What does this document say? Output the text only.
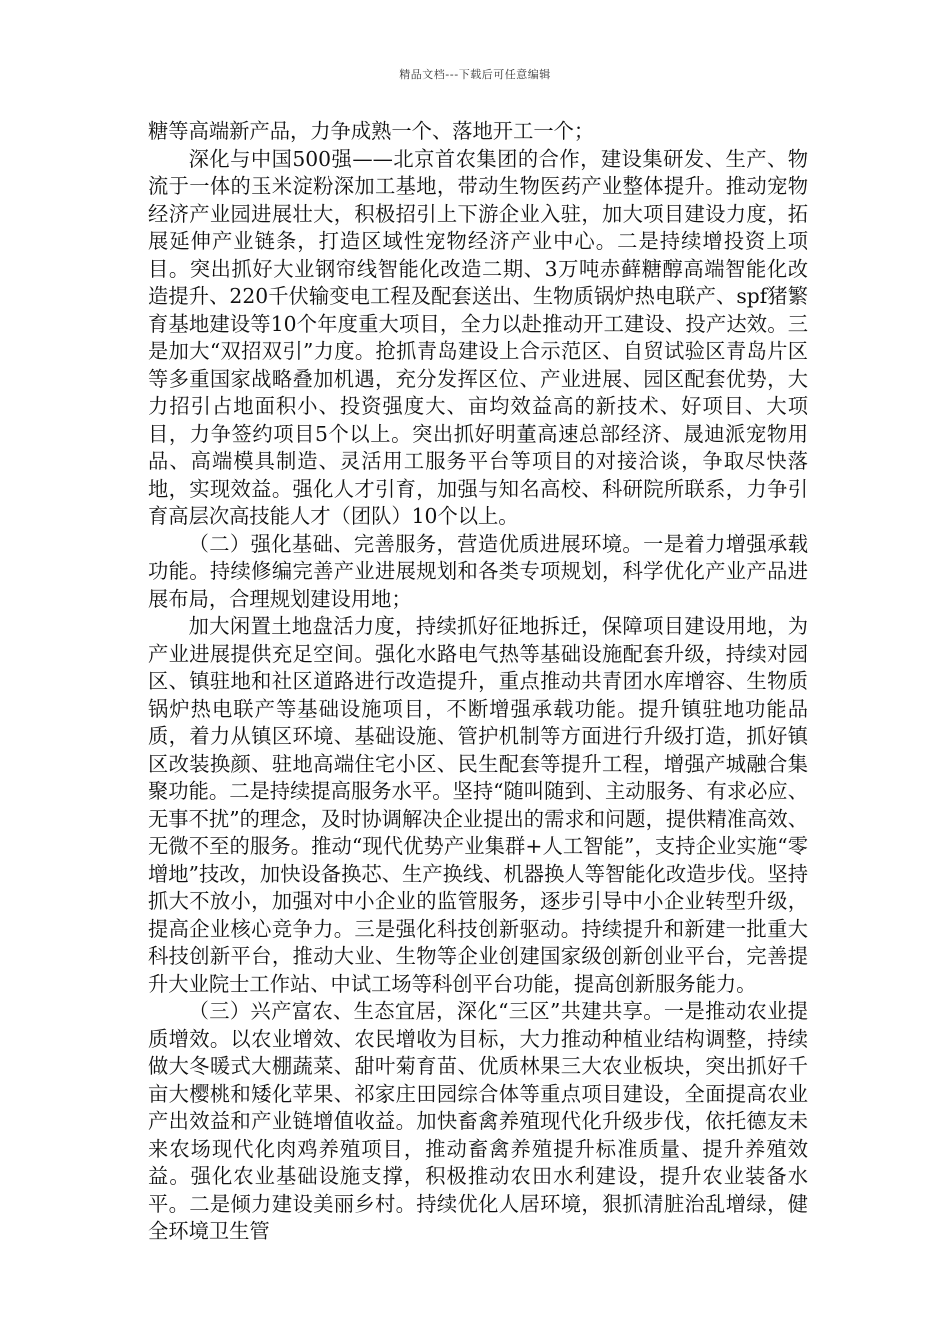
精品文档---下载后可任意编辑

糖等高端新产品，力争成熟一个、落地开工一个；

深化与中国500强——北京首农集团的合作，建设集研发、生产、物流于一体的玉米淀粉深加工基地，带动生物医药产业整体提升。推动宠物经济产业园进展壮大，积极招引上下游企业入驻，加大项目建设力度，拓展延伸产业链条，打造区域性宠物经济产业中心。二是持续增投资上项目。突出抓好大业钢帘线智能化改造二期、3万吨赤藓糖醇高端智能化改造提升、220千伏输变电工程及配套送出、生物质锅炉热电联产、spf猪繁育基地建设等10个年度重大项目，全力以赴推动开工建设、投产达效。三是加大“双招双引”力度。抢抓青岛建设上合示范区、自贸试验区青岛片区等多重国家战略叠加机遇，充分发挥区位、产业进展、园区配套优势，大力招引占地面积小、投资强度大、亩均效益高的新技术、好项目、大项目，力争签约项目5个以上。突出抓好明董高速总部经济、晟迪派宠物用品、高端模具制造、灵活用工服务平台等项目的对接洽谈，争取尽快落地，实现效益。强化人才引育，加强与知名高校、科研院所联系，力争引育高层次高技能人才（团队）10个以上。

（二）强化基础、完善服务，营造优质进展环境。一是着力增强承载功能。持续修编完善产业进展规划和各类专项规划，科学优化产业产品进展布局，合理规划建设用地；

加大闲置土地盘活力度，持续抓好征地拆迁，保障项目建设用地，为产业进展提供充足空间。强化水路电气热等基础设施配套升级，持续对园区、镇驻地和社区道路进行改造提升，重点推动共青团水库增容、生物质锅炉热电联产等基础设施项目，不断增强承载功能。提升镇驻地功能品质，着力从镇区环境、基础设施、管护机制等方面进行升级打造，抓好镇区改装换颜、驻地高端住宅小区、民生配套等提升工程，增强产城融合集聚功能。二是持续提高服务水平。坚持“随叫随到、主动服务、有求必应、无事不扰”的理念，及时协调解决企业提出的需求和问题，提供精准高效、无微不至的服务。推动“现代优势产业集群+人工智能”，支持企业实施“零增地”技改，加快设备换芯、生产换线、机器换人等智能化改造步伐。坚持抓大不放小，加强对中小企业的监管服务，逐步引导中小企业转型升级，提高企业核心竞争力。三是强化科技创新驱动。持续提升和新建一批重大科技创新平台，推动大业、生物等企业创建国家级创新创业平台，完善提升大业院士工作站、中试工场等科创平台功能，提高创新服务能力。

（三）兴产富农、生态宜居，深化“三区”共建共享。一是推动农业提质增效。以农业增效、农民增收为目标，大力推动种植业结构调整，持续做大冬暖式大棚蔬菜、甜叶菊育苗、优质林果三大农业板块，突出抓好千亩大樱桃和矮化苹果、祁家庄田园综合体等重点项目建设，全面提高农业产出效益和产业链增值收益。加快畜禽养殖现代化升级步伐，依托德友未来农场现代化肉鸡养殖项目，推动畜禽养殖提升标准质量、提升养殖效益。强化农业基础设施支撑，积极推动农田水利建设，提升农业装备水平。二是倾力建设美丽乡村。持续优化人居环境，狠抓清脏治乱增绿，健全环境卫生管
